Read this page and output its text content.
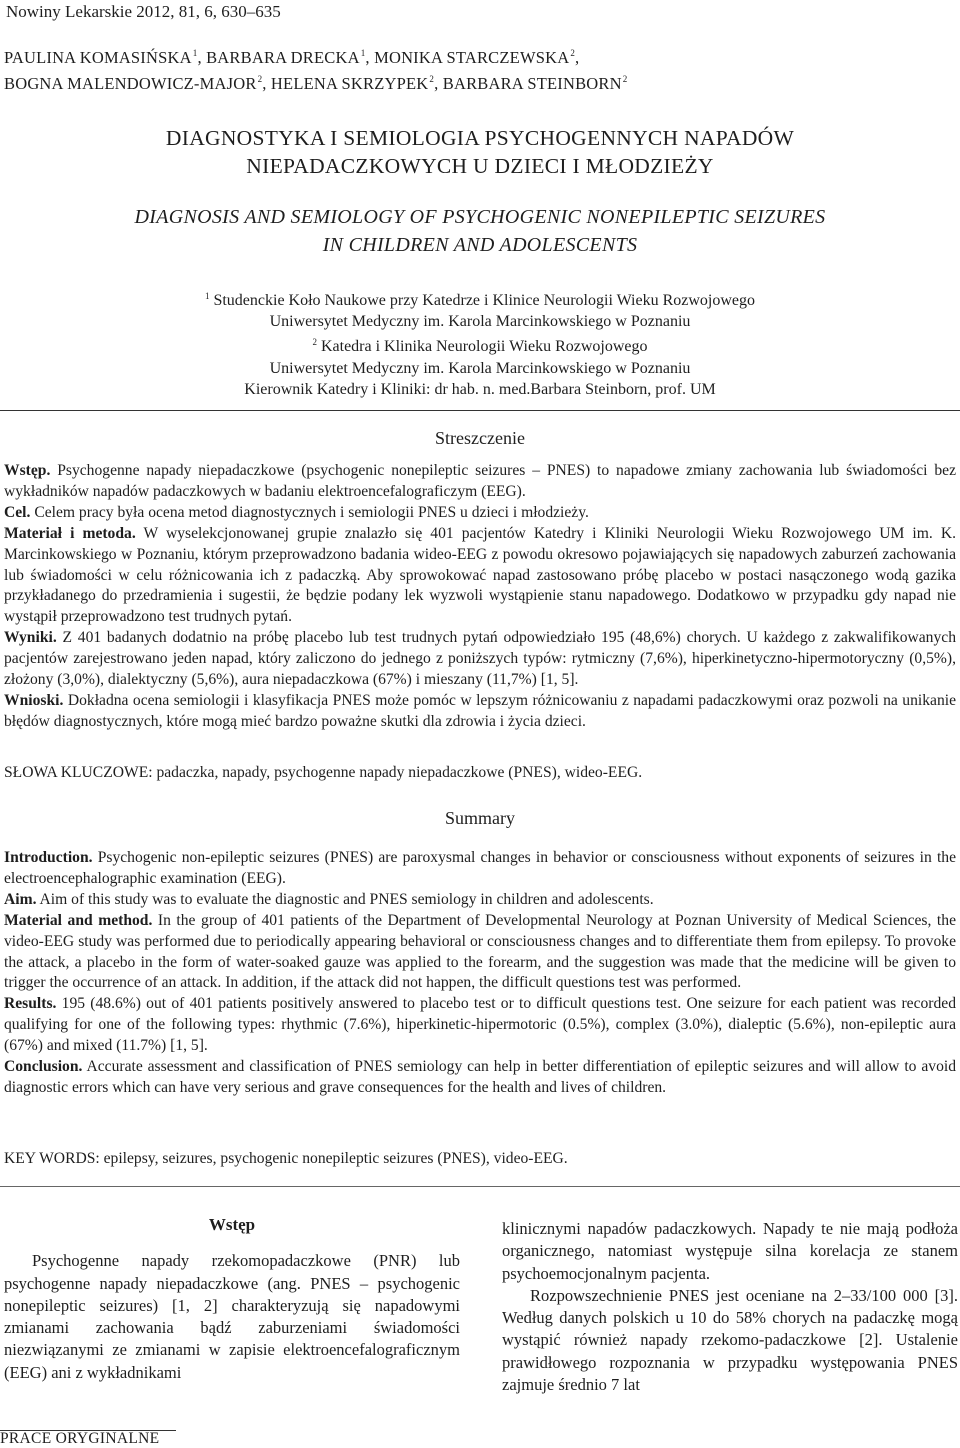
Nowiny Lekarskie 2012, 81, 6, 630–635
PAULINA KOMASIŃSKA$^1$, BARBARA DRECKA$^1$, MONIKA STARCZEWSKA$^2$,
BOGNA MALENDOWICZ-MAJOR$^2$, HELENA SKRZYPEK$^2$, BARBARA STEINBORN$^2$
DIAGNOSTYKA I SEMIOLOGIA PSYCHOGENNYCH NAPADÓW
NIEPADACZKOWYCH U DZIECI I MŁODZIEŻY
DIAGNOSIS AND SEMIOLOGY OF PSYCHOGENIC NONEPILEPTIC SEIZURES
IN CHILDREN AND ADOLESCENTS
$^1$ Studenckie Koło Naukowe przy Katedrze i Klinice Neurologii Wieku Rozwojowego
Uniwersytet Medyczny im. Karola Marcinkowskiego w Poznaniu
$^2$ Katedra i Klinika Neurologii Wieku Rozwojowego
Uniwersytet Medyczny im. Karola Marcinkowskiego w Poznaniu
Kierownik Katedry i Kliniki: dr hab. n. med.Barbara Steinborn, prof. UM
Streszczenie

Wstęp. Psychogenne napady niepadaczkowe (psychogenic nonepileptic seizures – PNES) to napadowe zmiany zachowania lub świadomości bez wykładników napadów padaczkowych w badaniu elektroencefalograficzym (EEG).

Cel. Celem pracy była ocena metod diagnostycznych i semiologii PNES u dzieci i młodzieży.

Materiał i metoda. W wyselekcjonowanej grupie znalazło się 401 pacjentów Katedry i Kliniki Neurologii Wieku Rozwojowego UM im. K. Marcinkowskiego w Poznaniu, którym przeprowadzono badania wideo-EEG z powodu okresowo pojawiających się napadowych zaburzeń zachowania lub świadomości w celu różnicowania ich z padaczką. Aby sprowokować napad zastosowano próbę placebo w postaci nasączonego wodą gazika przykładanego do przedramienia i sugestii, że będzie podany lek wyzwoli wystąpienie stanu napadowego. Dodatkowo w przypadku gdy napad nie wystąpił przeprowadzono test trudnych pytań.

Wyniki. Z 401 badanych dodatnio na próbę placebo lub test trudnych pytań odpowiedziało 195 (48,6%) chorych. U każdego z zakwalifikowanych pacjentów zarejestrowano jeden napad, który zaliczono do jednego z poniższych typów: rytmiczny (7,6%), hiperkinetyczno-hipermotoryczny (0,5%), złożony (3,0%), dialektyczny (5,6%), aura niepadaczkowa (67%) i mieszany (11,7%) [1, 5].

Wnioski. Dokładna ocena semiologii i klasyfikacja PNES może pomóc w lepszym różnicowaniu z napadami padaczkowymi oraz pozwoli na unikanie błędów diagnostycznych, które mogą mieć bardzo poważne skutki dla zdrowia i życia dzieci.

SŁOWA KLUCZOWE: padaczka, napady, psychogenne napady niepadaczkowe (PNES), wideo-EEG.
Summary

Introduction. Psychogenic non-epileptic seizures (PNES) are paroxysmal changes in behavior or consciousness without exponents of seizures in the electroencephalographic examination (EEG).

Aim. Aim of this study was to evaluate the diagnostic and PNES semiology in children and adolescents.

Material and method. In the group of 401 patients of the Department of Developmental Neurology at Poznan University of Medical Sciences, the video-EEG study was performed due to periodically appearing behavioral or consciousness changes and to differentiate them from epilepsy. To provoke the attack, a placebo in the form of water-soaked gauze was applied to the forearm, and the suggestion was made that the medicine will be given to trigger the occurrence of an attack. In addition, if the attack did not happen, the difficult questions test was performed.

Results. 195 (48.6%) out of 401 patients positively answered to placebo test or to difficult questions test. One seizure for each patient was recorded qualifying for one of the following types: rhythmic (7.6%), hiperkinetic-hipermotoric (0.5%), complex (3.0%), dialeptic (5.6%), non-epileptic aura (67%) and mixed (11.7%) [1, 5].

Conclusion. Accurate assessment and classification of PNES semiology can help in better differentiation of epileptic seizures and will allow to avoid diagnostic errors which can have very serious and grave consequences for the health and lives of children.

KEY WORDS: epilepsy, seizures, psychogenic nonepileptic seizures (PNES), video-EEG.
Wstęp

Psychogenne napady rzekomopadaczkowe (PNR) lub psychogenne napady niepadaczkowe (ang. PNES – psychogenic nonepileptic seizures) [1, 2] charakteryzują się napadowymi zmianami zachowania bądź zaburzeniami świadomości niezwiązanymi ze zmianami w zapisie elektroencefalograficznym (EEG) ani z wykładnikami

klinicznymi napadów padaczkowych. Napady te nie mają podłoża organicznego, natomiast występuje silna korelacja ze stanem psychoemocjonalnym pacjenta.

Rozpowszechnienie PNES jest oceniane na 2–33/100 000 [3]. Według danych polskich u 10 do 58% chorych na padaczkę mogą wystąpić również napady rzekomo-padaczkowe [2]. Ustalenie prawidłowego rozpoznania w przypadku występowania PNES zajmuje średnio 7 lat

PRACE ORYGINALNE
